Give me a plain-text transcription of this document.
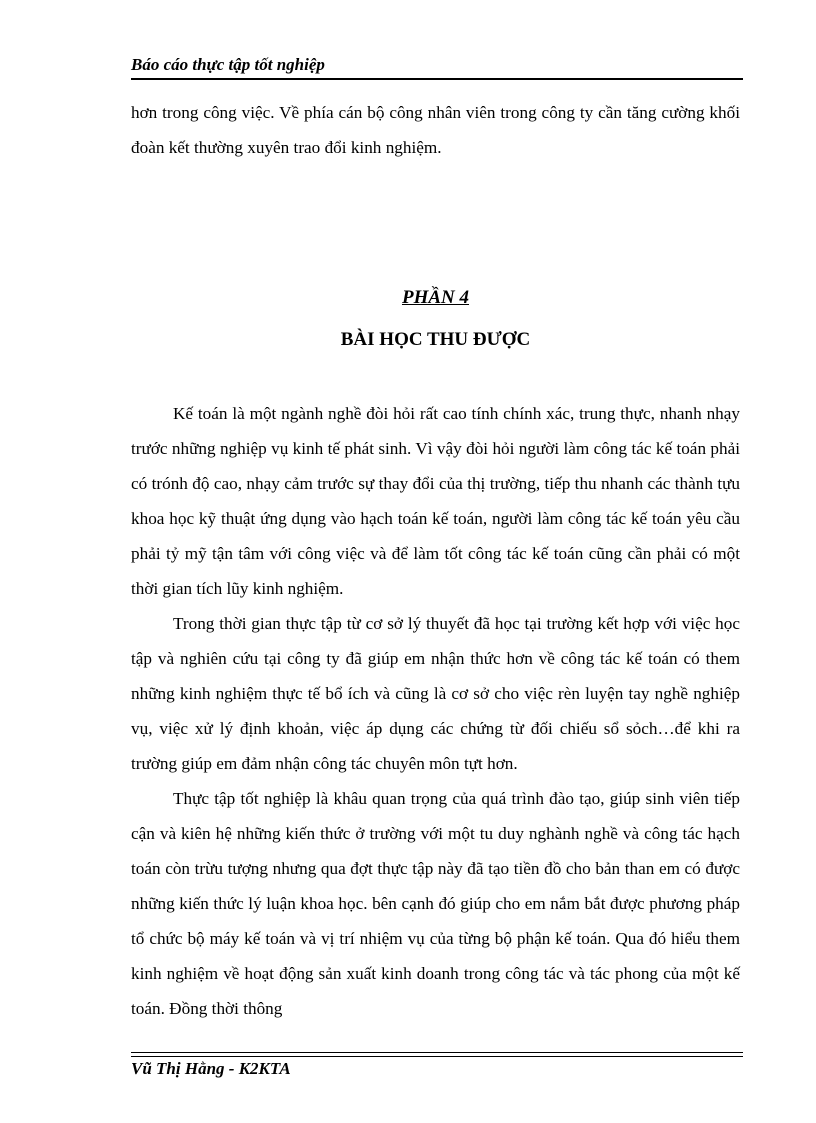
Báo cáo thực tập tốt nghiệp

hơn trong công việc. Về phía cán bộ công nhân viên trong công ty cần tăng cường khối đoàn kết thường xuyên trao đổi kinh nghiệm.

PHẦN 4
BÀI HỌC THU ĐƯỢC

Kế toán là một ngành nghề đòi hỏi rất cao tính chính xác, trung thực, nhanh nhạy trước những nghiệp vụ kinh tế phát sinh. Vì vậy đòi hỏi người làm công tác kế toán phải có trónh độ cao, nhạy cảm trước sự thay đổi của thị trường, tiếp thu nhanh các thành tựu khoa học kỹ thuật ứng dụng vào hạch toán kế toán, người làm công tác kế toán yêu cầu phải tỷ mỹ tận tâm với công việc và để làm tốt công tác kế toán cũng cần phải có một thời gian tích lũy kinh nghiệm.

Trong thời gian thực tập từ cơ sở lý thuyết đã học tại trường kết hợp với việc học tập và nghiên cứu tại công ty đã giúp em nhận thức hơn về công tác kế toán có them những kinh nghiệm thực tế bổ ích và cũng là cơ sở cho việc rèn luyện tay nghề nghiệp vụ, việc xử lý định khoản, việc áp dụng các chứng từ đối chiếu sổ sỏch…để khi ra trường giúp em đảm nhận công tác chuyên môn tựt hơn.

Thực tập tốt nghiệp là khâu quan trọng của quá trình đào tạo, giúp sinh viên tiếp cận và kiên hệ những kiến thức ở trường với một tu duy nghành nghề và công tác hạch toán còn trừu tượng nhưng qua đợt thực tập này đã tạo tiền đồ cho bản than em có được những kiến thức lý luận khoa học. bên cạnh đó giúp cho em nắm bắt được phương pháp tổ chức bộ máy kế toán và vị trí nhiệm vụ của từng bộ phận kế toán. Qua đó hiểu them kinh nghiệm về hoạt động sản xuất kinh doanh trong công tác và tác phong của một kế toán. Đồng thời thông

Vũ Thị Hằng - K2KTA
